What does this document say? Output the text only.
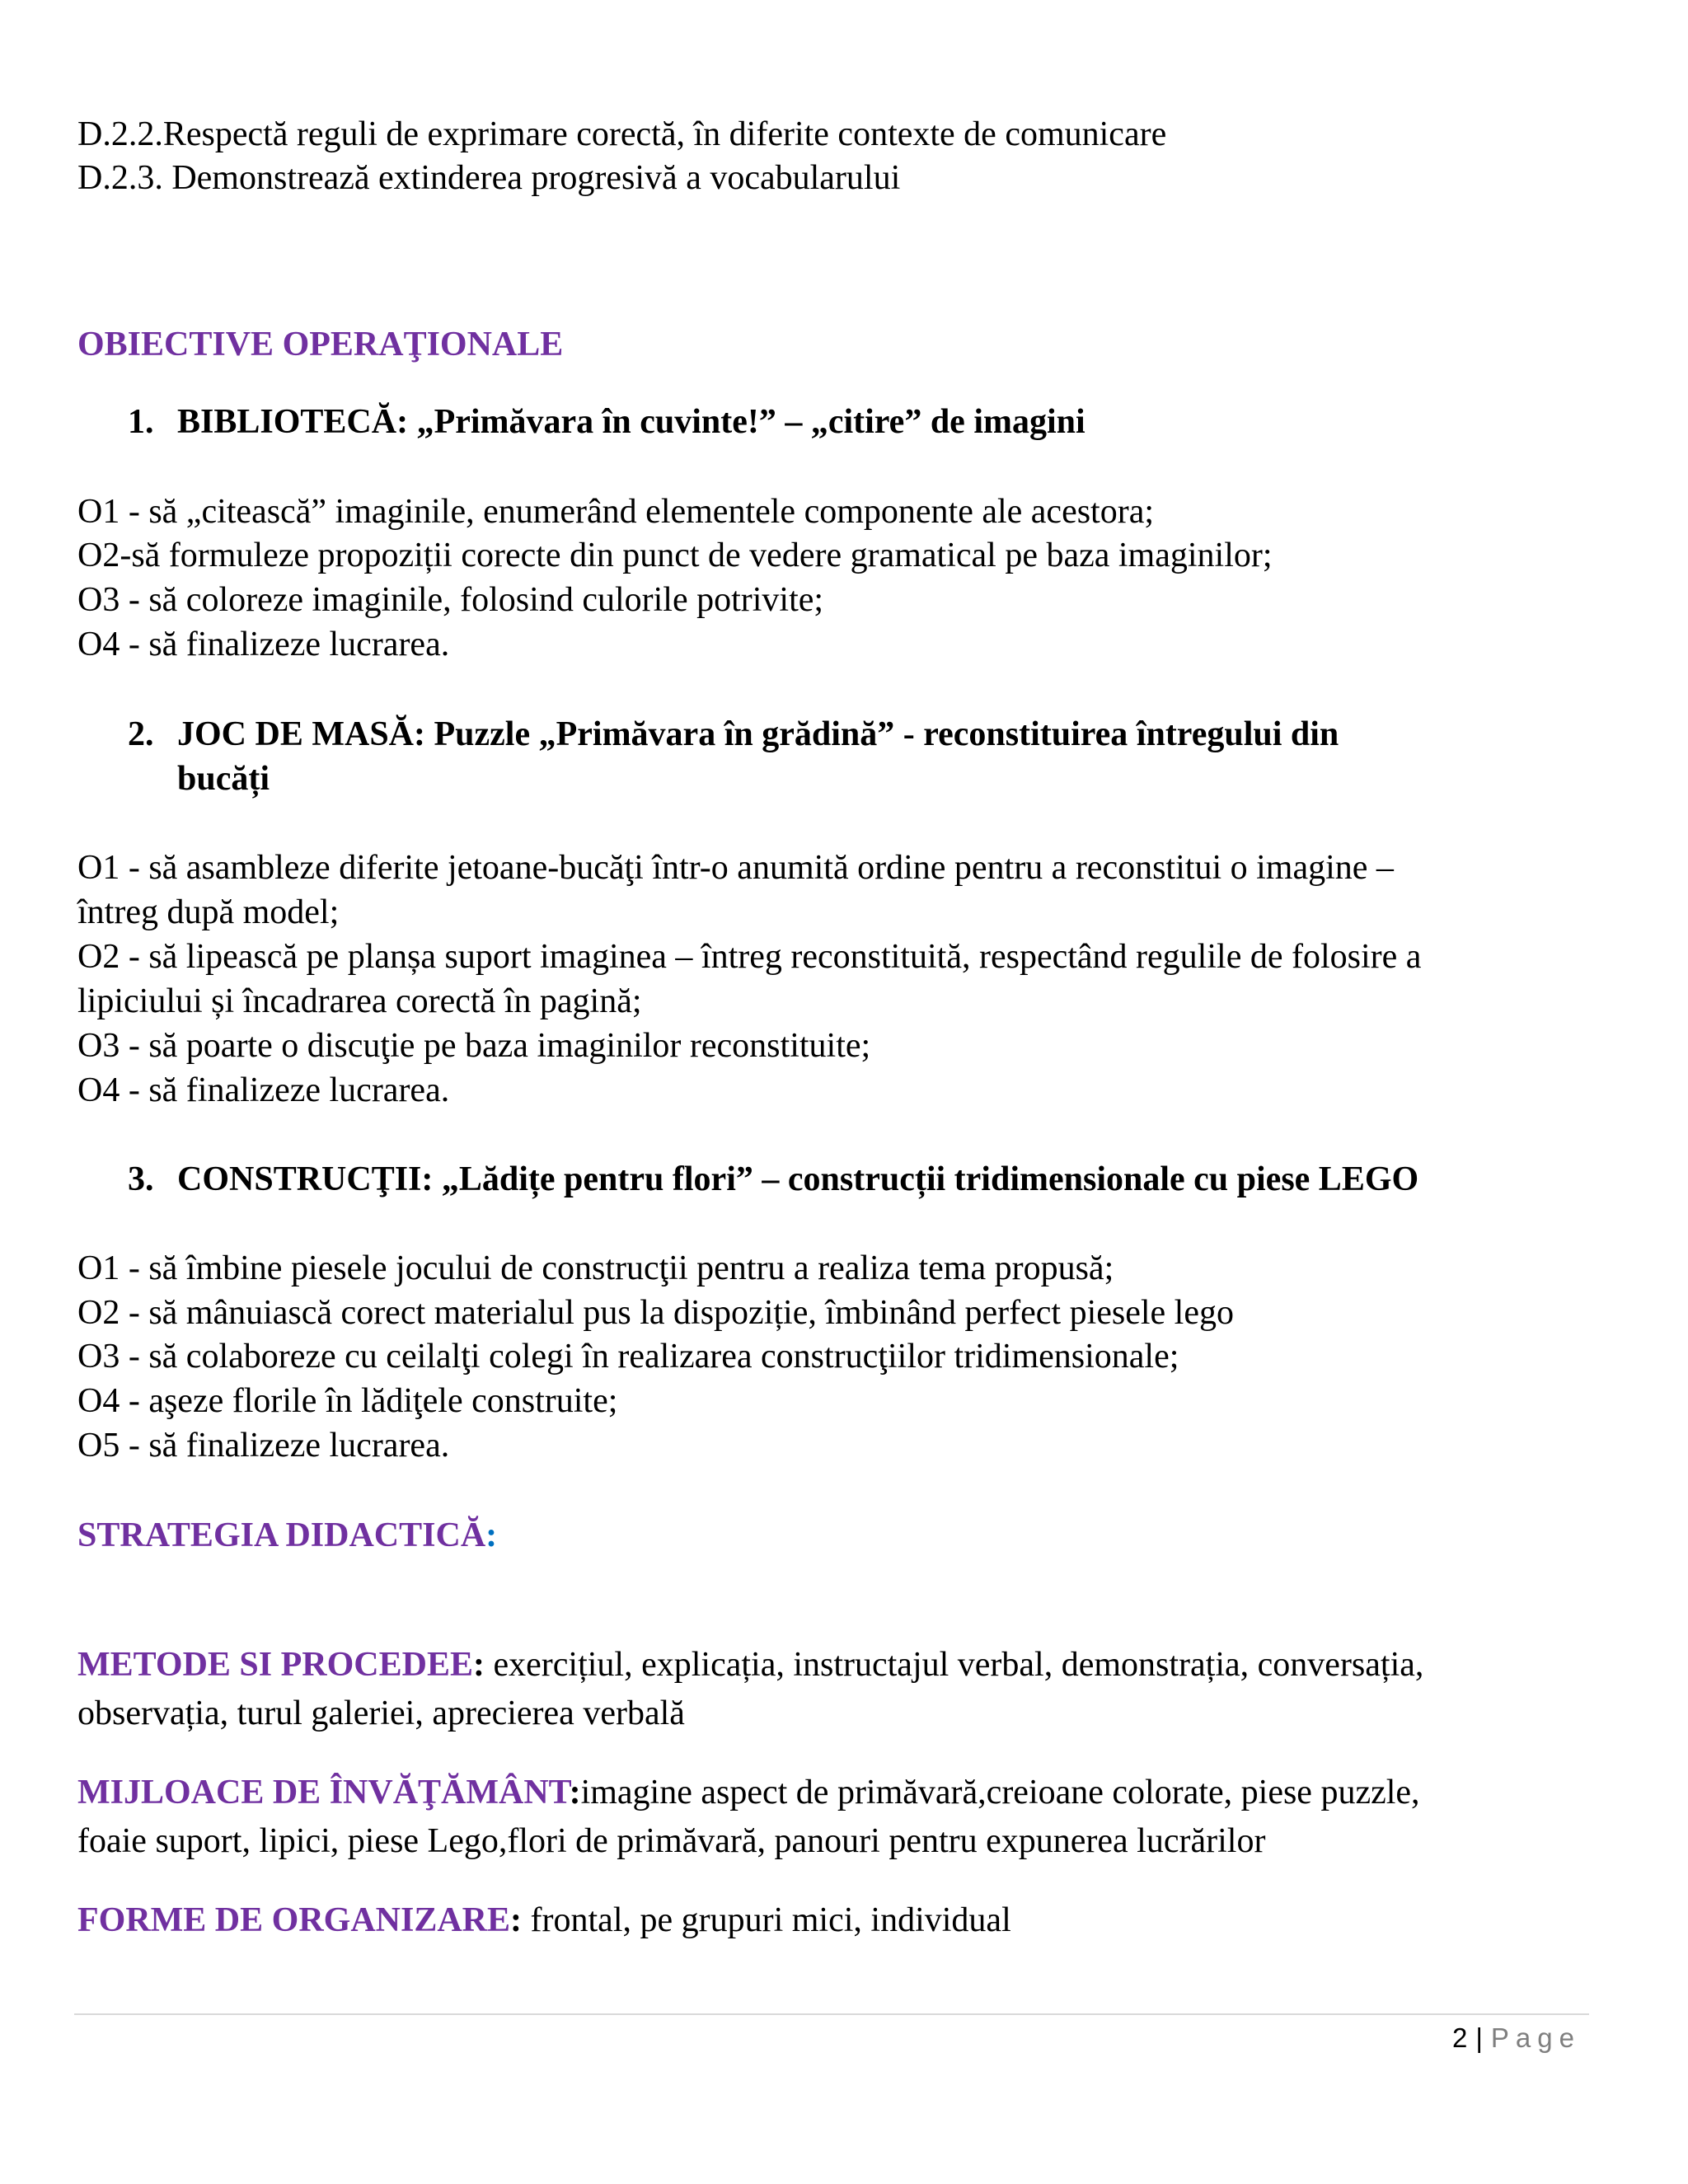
D.2.2.Respectă reguli de exprimare corectă, în diferite contexte de comunicare
D.2.3. Demonstrează extinderea progresivă a vocabularului
OBIECTIVE OPERAŢIONALE
1. BIBLIOTECĂ: „Primăvara în cuvinte!” – „citire” de imagini
O1 - să „citească” imaginile, enumerând elementele componente ale acestora;
O2-să formuleze propoziții corecte din punct de vedere gramatical pe baza imaginilor;
O3 - să coloreze imaginile, folosind culorile potrivite;
O4 - să finalizeze lucrarea.
2. JOC DE MASĂ: Puzzle „Primăvara în grădină” - reconstituirea întregului din
bucăți
O1 - să asambleze diferite jetoane-bucăţi într-o anumită ordine pentru a reconstitui o imagine –
întreg după model;
O2 - să lipească pe planșa suport imaginea – întreg reconstituită, respectând regulile de folosire a
lipiciului și încadrarea corectă în pagină;
O3 - să poarte o discuţie pe baza imaginilor reconstituite;
O4 - să finalizeze lucrarea.
3. CONSTRUCŢII: „Lădițe pentru flori” – construcții tridimensionale cu piese LEGO
O1 - să îmbine piesele jocului de construcţii pentru a realiza tema propusă;
O2 - să mânuiască corect materialul pus la dispoziție, îmbinând perfect piesele lego
O3 - să colaboreze cu ceilalţi colegi în realizarea construcţiilor tridimensionale;
O4 - aşeze florile în lădiţele construite;
O5 - să finalizeze lucrarea.
STRATEGIA DIDACTICĂ:
METODE SI PROCEDEE: exercițiul, explicația, instructajul verbal, demonstrația, conversația,
observația, turul galeriei, aprecierea verbală
MIJLOACE DE ÎNVĂŢĂMÂNT:imagine aspect de primăvară,creioane colorate, piese puzzle,
foaie suport, lipici, piese Lego,flori de primăvară, panouri pentru expunerea lucrărilor
FORME DE ORGANIZARE: frontal, pe grupuri mici, individual
2 | Page
